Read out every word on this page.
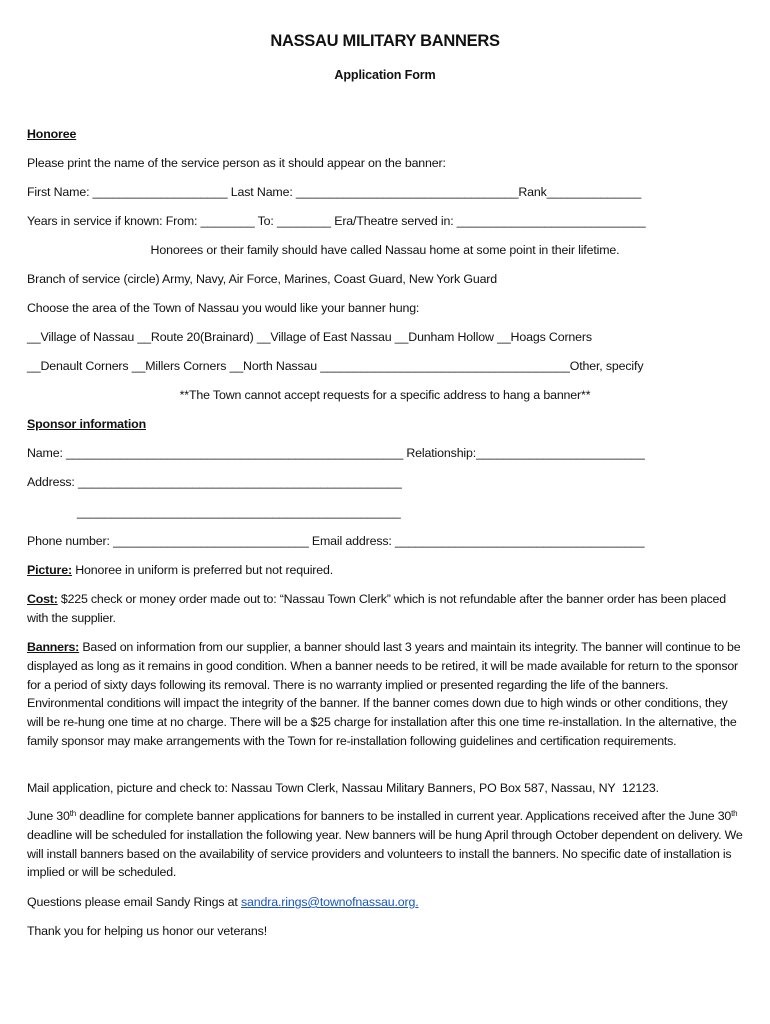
NASSAU MILITARY BANNERS
Application Form
Honoree
Please print the name of the service person as it should appear on the banner:
First Name: ____________________ Last Name: _________________________________Rank______________
Years in service if known: From: ________ To: ________ Era/Theatre served in: ____________________________
Honorees or their family should have called Nassau home at some point in their lifetime.
Branch of service (circle) Army, Navy, Air Force, Marines, Coast Guard, New York Guard
Choose the area of the Town of Nassau you would like your banner hung:
__Village of Nassau __Route 20(Brainard) __Village of East Nassau __Dunham Hollow __Hoags Corners
__Denault Corners __Millers Corners __North Nassau _____________________________________Other, specify
**The Town cannot accept requests for a specific address to hang a banner**
Sponsor information
Name: __________________________________________________ Relationship:_________________________
Address: ________________________________________________
________________________________________________
Phone number: _____________________________ Email address: _____________________________________
Picture: Honoree in uniform is preferred but not required.
Cost: $225 check or money order made out to: “Nassau Town Clerk” which is not refundable after the banner order has been placed with the supplier.
Banners: Based on information from our supplier, a banner should last 3 years and maintain its integrity. The banner will continue to be displayed as long as it remains in good condition. When a banner needs to be retired, it will be made available for return to the sponsor for a period of sixty days following its removal. There is no warranty implied or presented regarding the life of the banners. Environmental conditions will impact the integrity of the banner. If the banner comes down due to high winds or other conditions, they will be re-hung one time at no charge. There will be a $25 charge for installation after this one time re-installation. In the alternative, the family sponsor may make arrangements with the Town for re-installation following guidelines and certification requirements.
Mail application, picture and check to: Nassau Town Clerk, Nassau Military Banners, PO Box 587, Nassau, NY  12123.
June 30th deadline for complete banner applications for banners to be installed in current year. Applications received after the June 30th deadline will be scheduled for installation the following year. New banners will be hung April through October dependent on delivery. We will install banners based on the availability of service providers and volunteers to install the banners. No specific date of installation is implied or will be scheduled.
Questions please email Sandy Rings at sandra.rings@townofnassau.org.
Thank you for helping us honor our veterans!
